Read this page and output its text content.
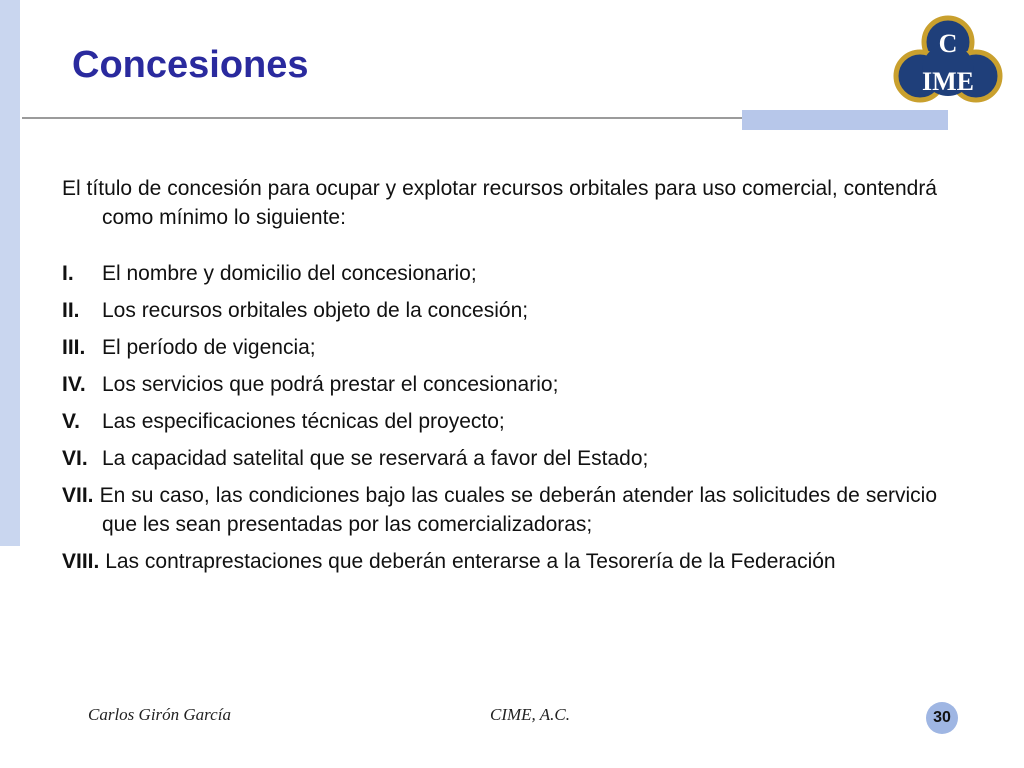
Concesiones
C
IME

El título de concesión para ocupar y explotar recursos orbitales para uso comercial, contendrá como mínimo lo siguiente:

I. El nombre y domicilio del concesionario;
II. Los recursos orbitales objeto de la concesión;
III. El período de vigencia;
IV. Los servicios que podrá prestar el concesionario;
V. Las especificaciones técnicas del proyecto;
VI. La capacidad satelital que se reservará a favor del Estado;
VII. En su caso, las condiciones bajo las cuales se deberán atender las solicitudes de servicio que les sean presentadas por las comercializadoras;
VIII. Las contraprestaciones que deberán enterarse a la Tesorería de la Federación
Carlos Girón García	CIME, A.C.	30
